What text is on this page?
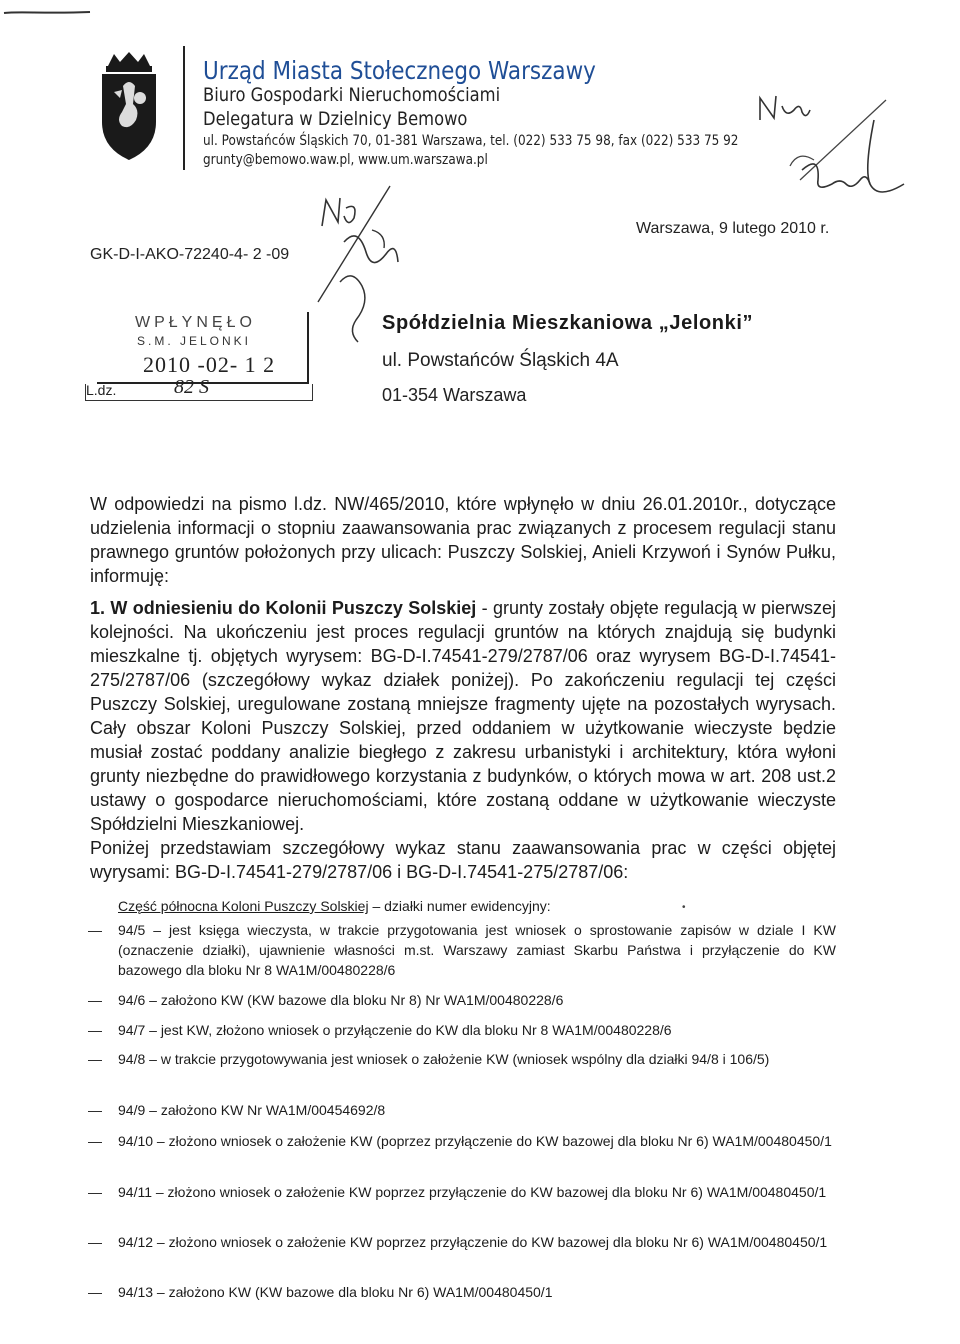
Urząd Miasta Stołecznego Warszawy
Biuro Gospodarki Nieruchomościami
Delegatura w Dzielnicy Bemowo
ul. Powstańców Śląskich 70, 01-381 Warszawa, tel. (022) 533 75 98, fax (022) 533 75 92
grunty@bemowo.waw.pl, www.um.warszawa.pl
GK-D-I-AKO-72240-4- 2 -09
Warszawa, 9 lutego 2010 r.
WPŁYNĘŁO
S.M. JELONKI
2010 -02- 1 2
L.dz.	82 S
Spółdzielnia Mieszkaniowa „Jelonki”
ul. Powstańców Śląskich 4A
01-354 Warszawa

W odpowiedzi na pismo l.dz. NW/465/2010, które wpłynęło w dniu 26.01.2010r., dotyczące udzielenia informacji o stopniu zaawansowania prac związanych z procesem regulacji stanu prawnego gruntów położonych przy ulicach: Puszczy Solskiej, Anieli Krzywoń i Synów Pułku, informuję:

1. W odniesieniu do Kolonii Puszczy Solskiej - grunty zostały objęte regulacją w pierwszej kolejności. Na ukończeniu jest proces regulacji gruntów na których znajdują się budynki mieszkalne tj. objętych wyrysem: BG-D-I.74541-279/2787/06 oraz wyrysem BG-D-I.74541-275/2787/06 (szczegółowy wykaz działek poniżej). Po zakończeniu regulacji tej części Puszczy Solskiej, uregulowane zostaną mniejsze fragmenty ujęte na pozostałych wyrysach. Cały obszar Koloni Puszczy Solskiej, przed oddaniem w użytkowanie wieczyste będzie musiał zostać poddany analizie biegłego z zakresu urbanistyki i architektury, która wyłoni grunty niezbędne do prawidłowego korzystania z budynków, o których mowa w art. 208 ust.2 ustawy o gospodarce nieruchomościami, które zostaną oddane w użytkowanie wieczyste Spółdzielni Mieszkaniowej.

Poniżej przedstawiam szczegółowy wykaz stanu zaawansowania prac w części objętej wyrysami: BG-D-I.74541-279/2787/06 i BG-D-I.74541-275/2787/06:

Część północna Koloni Puszczy Solskiej – działki numer ewidencyjny:	•
— 94/5 – jest księga wieczysta, w trakcie przygotowania jest wniosek o sprostowanie zapisów w dziale I KW (oznaczenie działki), ujawnienie własności m.st. Warszawy zamiast Skarbu Państwa i przyłączenie do KW bazowego dla bloku Nr 8 WA1M/00480228/6
— 94/6 – założono KW (KW bazowe dla bloku Nr 8) Nr WA1M/00480228/6
— 94/7 – jest KW, złożono wniosek o przyłączenie do KW dla bloku Nr 8 WA1M/00480228/6
— 94/8 – w trakcie przygotowywania jest wniosek o założenie KW (wniosek wspólny dla działki 94/8 i 106/5)
— 94/9 – założono KW Nr WA1M/00454692/8
— 94/10 – złożono wniosek o założenie KW (poprzez przyłączenie do KW bazowej dla bloku Nr 6) WA1M/00480450/1
— 94/11 – złożono wniosek o założenie KW poprzez przyłączenie do KW bazowej dla bloku Nr 6) WA1M/00480450/1
— 94/12 – złożono wniosek o założenie KW poprzez przyłączenie do KW bazowej dla bloku Nr 6) WA1M/00480450/1
— 94/13 – założono KW (KW bazowe dla bloku Nr 6) WA1M/00480450/1
